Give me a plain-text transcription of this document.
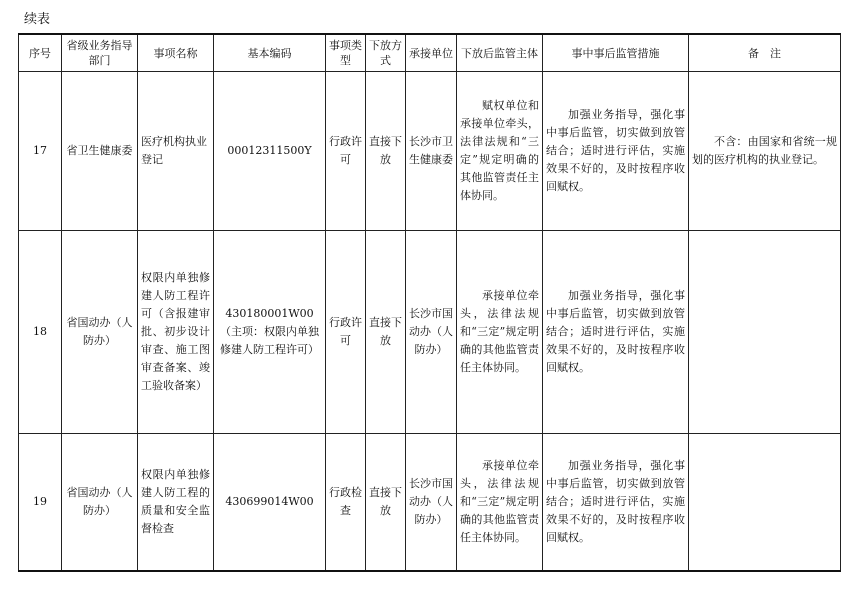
续表
序号	省级业务指导部门	事项名称	基本编码	事项类型	下放方式	承接单位	下放后监管主体	事中事后监管措施	备　注
17	省卫生健康委	医疗机构执业登记	00012311500Y	行政许可	直接下放	长沙市卫生健康委	赋权单位和承接单位牵头，法律法规和“三定”规定明确的其他监管责任主体协同。	加强业务指导，强化事中事后监管，切实做到放管结合；适时进行评估，实施效果不好的，及时按程序收回赋权。	不含：由国家和省统一规划的医疗机构的执业登记。

18	省国动办（人防办）	权限内单独修建人防工程许可（含报建审批、初步设计审查、施工图审查备案、竣工验收备案）	430180001W00（主项：权限内单独修建人防工程许可）	行政许可	直接下放	长沙市国动办（人防办）	承接单位牵头，法律法规和“三定”规定明确的其他监管责任主体协同。	加强业务指导，强化事中事后监管，切实做到放管结合；适时进行评估，实施效果不好的，及时按程序收回赋权。	

19	省国动办（人防办）	权限内单独修建人防工程的质量和安全监督检查	430699014W00	行政检查	直接下放	长沙市国动办（人防办）	承接单位牵头，法律法规和“三定”规定明确的其他监管责任主体协同。	加强业务指导，强化事中事后监管，切实做到放管结合；适时进行评估，实施效果不好的，及时按程序收回赋权。	
